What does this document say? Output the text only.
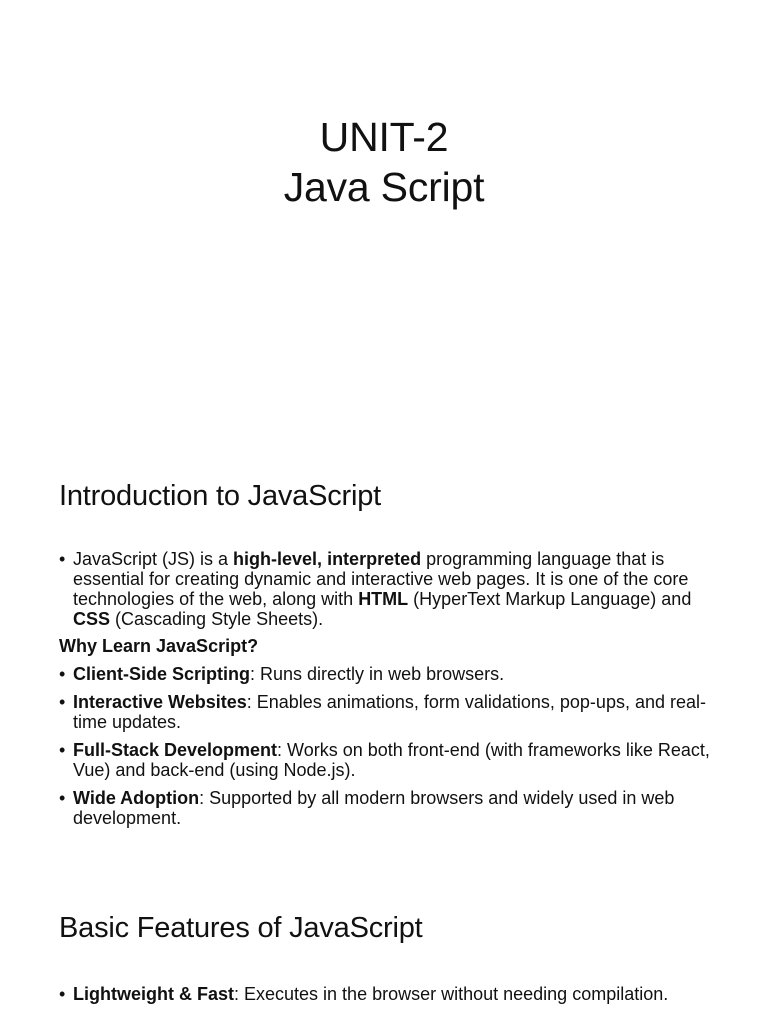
UNIT-2
Java Script
Introduction to JavaScript
• JavaScript (JS) is a high-level, interpreted programming language that is essential for creating dynamic and interactive web pages. It is one of the core technologies of the web, along with HTML (HyperText Markup Language) and CSS (Cascading Style Sheets).
Why Learn JavaScript?
• Client-Side Scripting: Runs directly in web browsers.
• Interactive Websites: Enables animations, form validations, pop-ups, and real-time updates.
• Full-Stack Development: Works on both front-end (with frameworks like React, Vue) and back-end (using Node.js).
• Wide Adoption: Supported by all modern browsers and widely used in web development.
Basic Features of JavaScript
• Lightweight & Fast: Executes in the browser without needing compilation.
